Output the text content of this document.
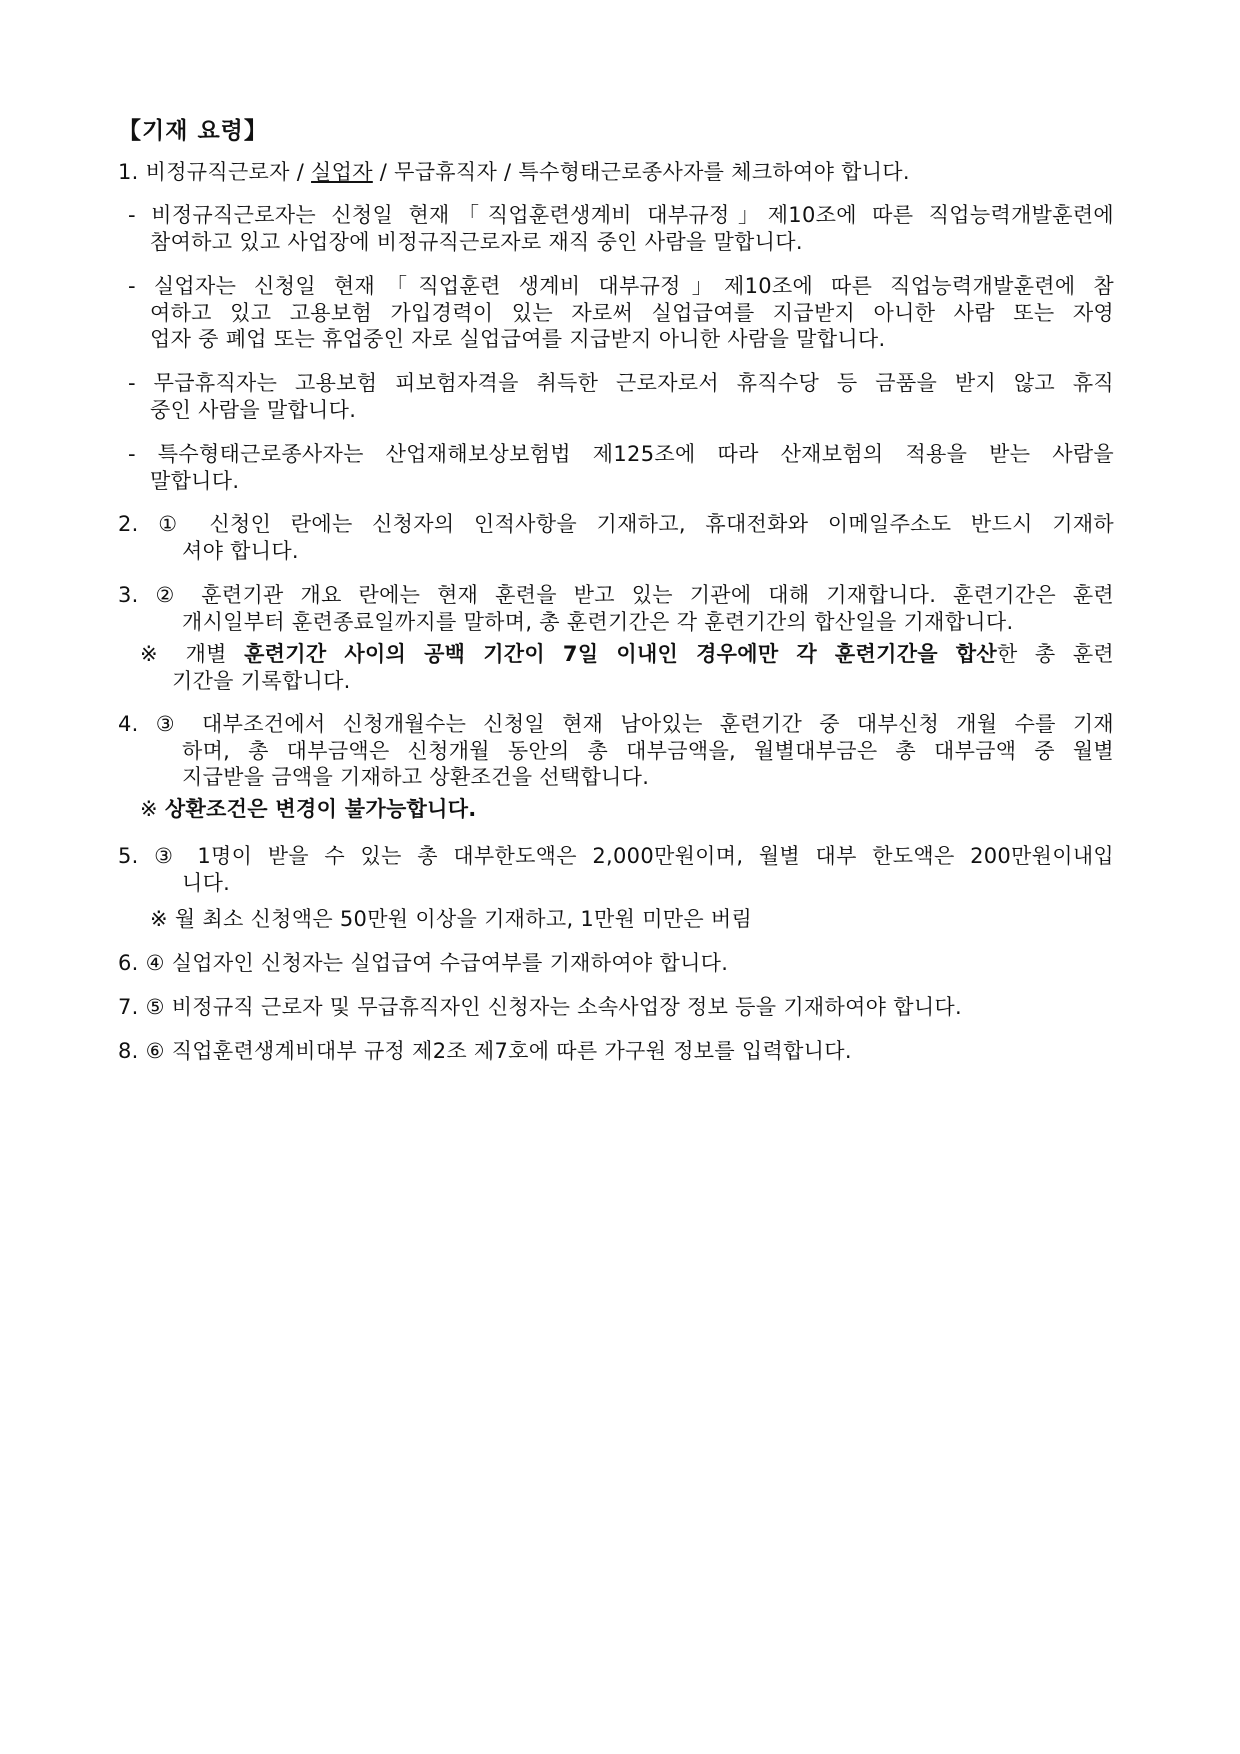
【기재 요령】
1. 비정규직근로자 / 실업자 / 무급휴직자 / 특수형태근로종사자를 체크하여야 합니다.
- 비정규직근로자는 신청일 현재「직업훈련생계비 대부규정」제10조에 따른 직업능력개발훈련에
참여하고 있고 사업장에 비정규직근로자로 재직 중인 사람을 말합니다.
- 실업자는 신청일 현재「직업훈련 생계비 대부규정」제10조에 따른 직업능력개발훈련에 참
여하고 있고 고용보험 가입경력이 있는 자로써 실업급여를 지급받지 아니한 사람 또는 자영
업자 중 폐업 또는 휴업중인 자로 실업급여를 지급받지 아니한 사람을 말합니다.
- 무급휴직자는 고용보험 피보험자격을 취득한 근로자로서 휴직수당 등 금품을 받지 않고 휴직
중인 사람을 말합니다.
- 특수형태근로종사자는 산업재해보상보험법 제125조에 따라 산재보험의 적용을 받는 사람을
말합니다.
2. ① 신청인 란에는 신청자의 인적사항을 기재하고, 휴대전화와 이메일주소도 반드시 기재하
셔야 합니다.
3. ② 훈련기관 개요 란에는 현재 훈련을 받고 있는 기관에 대해 기재합니다. 훈련기간은 훈련
개시일부터 훈련종료일까지를 말하며, 총 훈련기간은 각 훈련기간의 합산일을 기재합니다.
※ 개별 훈련기간 사이의 공백 기간이 7일 이내인 경우에만 각 훈련기간을 합산한 총 훈련
기간을 기록합니다.
4. ③ 대부조건에서 신청개월수는 신청일 현재 남아있는 훈련기간 중 대부신청 개월 수를 기재
하며, 총 대부금액은 신청개월 동안의 총 대부금액을, 월별대부금은 총 대부금액 중 월별
지급받을 금액을 기재하고 상환조건을 선택합니다.
※ 상환조건은 변경이 불가능합니다.
5. ③ 1명이 받을 수 있는 총 대부한도액은 2,000만원이며, 월별 대부 한도액은 200만원이내입
니다.
※ 월 최소 신청액은 50만원 이상을 기재하고, 1만원 미만은 버림
6. ④ 실업자인 신청자는 실업급여 수급여부를 기재하여야 합니다.
7. ⑤ 비정규직 근로자 및 무급휴직자인 신청자는 소속사업장 정보 등을 기재하여야 합니다.
8. ⑥ 직업훈련생계비대부 규정 제2조 제7호에 따른 가구원 정보를 입력합니다.
